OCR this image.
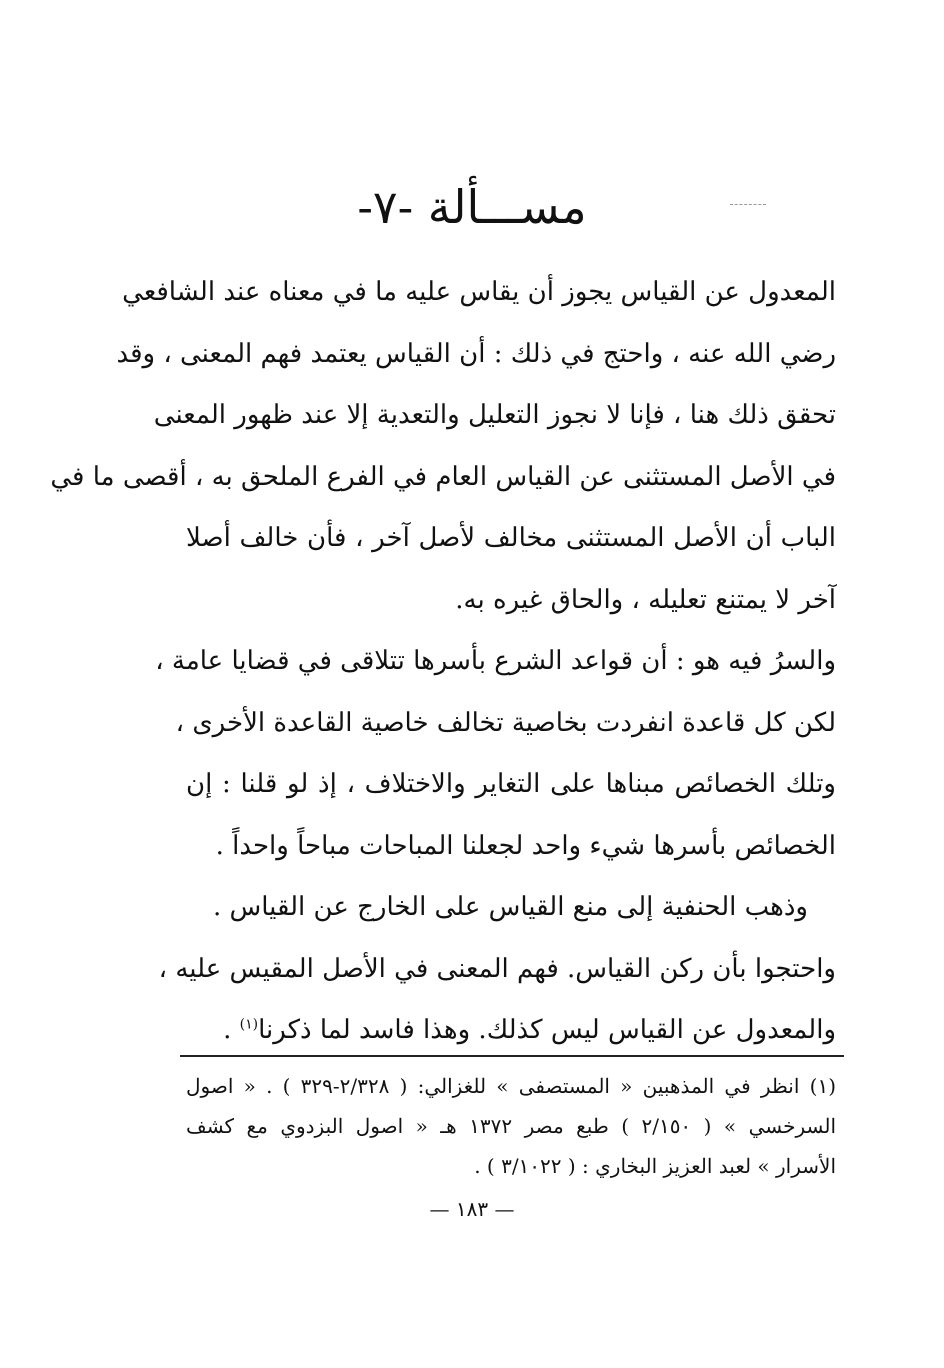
مســـألة -٧-
المعدول عن القياس يجوز أن يقاس عليه ما في معناه عند الشافعي
رضي الله عنه ، واحتج في ذلك : أن القياس يعتمد فهم المعنى ، وقد
تحقق ذلك هنا ، فإنا لا نجوز التعليل والتعدية إلا عند ظهور المعنى
في الأصل المستثنى عن القياس العام في الفرع الملحق به ، أقصى ما في
الباب أن الأصل المستثنى مخالف لأصل آخر ، فأن خالف أصلا
آخر لا يمتنع تعليله ، والحاق غيره به.
والسرُ فيه هو : أن قواعد الشرع بأسرها تتلاقى في قضايا عامة ،
لكن كل قاعدة انفردت بخاصية تخالف خاصية القاعدة الأخرى ،
وتلك الخصائص مبناها على التغاير والاختلاف ، إذ لو قلنا : إن
الخصائص بأسرها شيء واحد لجعلنا المباحات مباحاً واحداً .
وذهب الحنفية إلى منع القياس على الخارج عن القياس .
واحتجوا بأن ركن القياس. فهم المعنى في الأصل المقيس عليه ،
والمعدول عن القياس ليس كذلك. وهذا فاسد لما ذكرنا$^{(١)}$ .
(١) انظر في المذهبين « المستصفى » للغزالي: ( ٢/٣٢٨-٣٢٩ ) . « اصول
السرخسي » ( ٢/١٥٠ ) طبع مصر ١٣٧٢ هـ « اصول البزدوي مع كشف
الأسرار » لعبد العزيز البخاري : ( ٣/١٠٢٢ ) .
— ١٨٣ —
